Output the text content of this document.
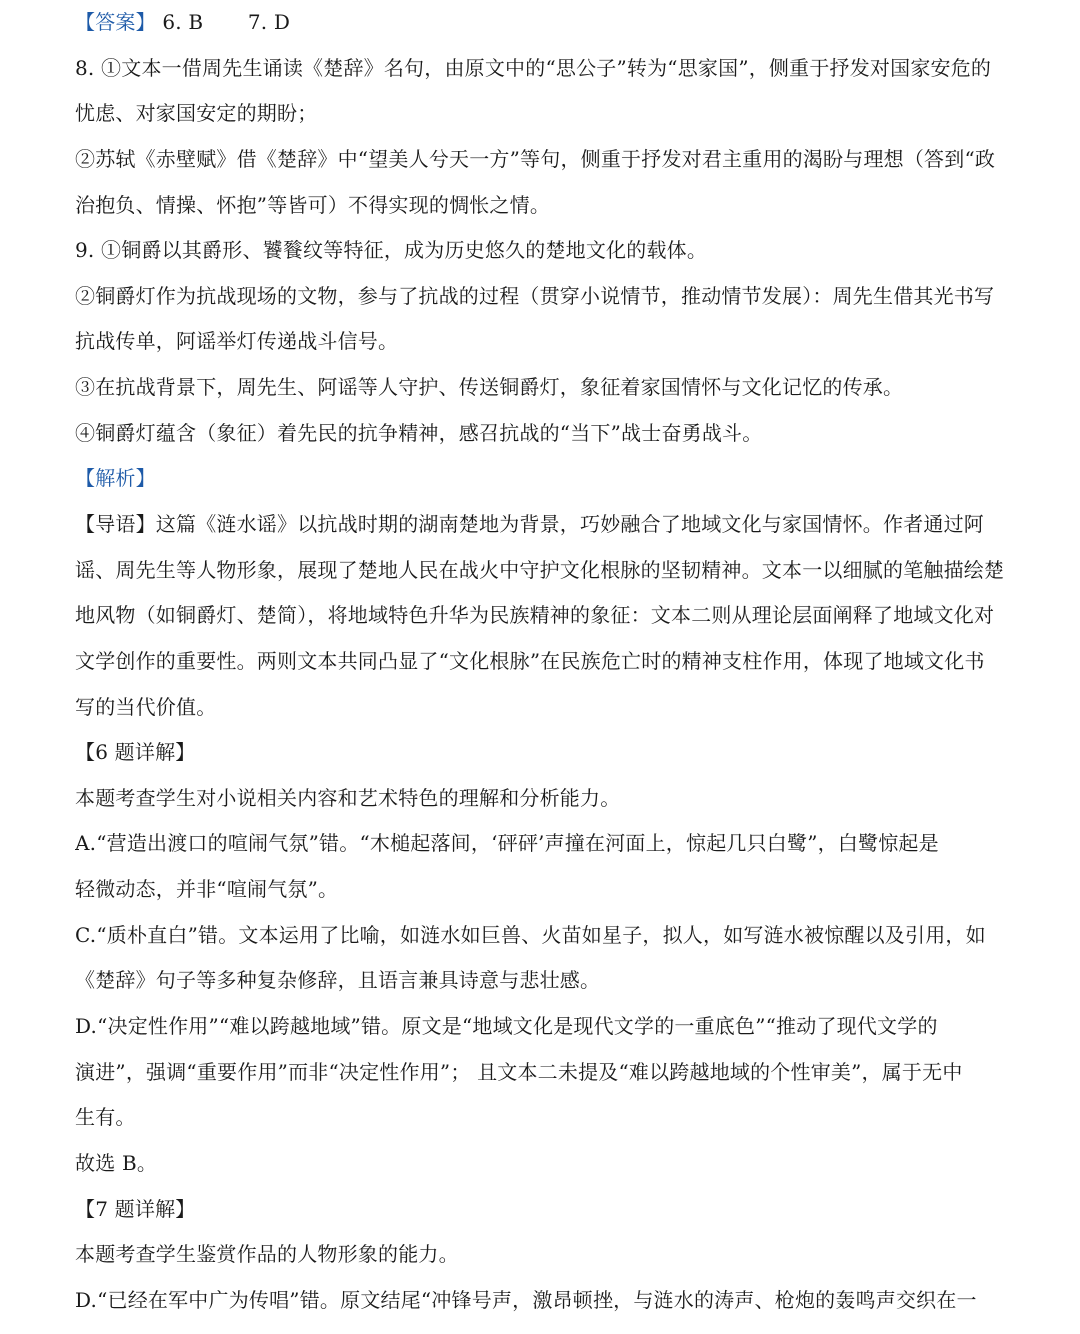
【答案】 6. B 7. D
8. ①文本一借周先生诵读《楚辞》名句，由原文中的“思公子”转为“思家国”，侧重于抒发对国家安危的
忧虑、对家国安定的期盼；
②苏轼《赤壁赋》借《楚辞》中“望美人兮天一方”等句，侧重于抒发对君主重用的渴盼与理想（答到“政
治抱负、情操、怀抱”等皆可）不得实现的惆怅之情。
9. ①铜爵以其爵形、饕餮纹等特征，成为历史悠久的楚地文化的载体。
②铜爵灯作为抗战现场的文物，参与了抗战的过程（贯穿小说情节，推动情节发展）：周先生借其光书写
抗战传单，阿谣举灯传递战斗信号。
③在抗战背景下，周先生、阿谣等人守护、传送铜爵灯，象征着家国情怀与文化记忆的传承。
④铜爵灯蕴含（象征）着先民的抗争精神，感召抗战的“当下”战士奋勇战斗。
【解析】
【导语】这篇《涟水谣》以抗战时期的湖南楚地为背景，巧妙融合了地域文化与家国情怀。作者通过阿
谣、周先生等人物形象，展现了楚地人民在战火中守护文化根脉的坚韧精神。文本一以细腻的笔触描绘楚
地风物（如铜爵灯、楚简），将地域特色升华为民族精神的象征：文本二则从理论层面阐释了地域文化对
文学创作的重要性。两则文本共同凸显了“文化根脉”在民族危亡时的精神支柱作用，体现了地域文化书
写的当代价值。
【6 题详解】
本题考查学生对小说相关内容和艺术特色的理解和分析能力。
A.“营造出渡口的喧闹气氛”错。“木槌起落间，‘砰砰’声撞在河面上，惊起几只白鹭”，白鹭惊起是
轻微动态，并非“喧闹气氛”。
C.“质朴直白”错。文本运用了比喻，如涟水如巨兽、火苗如星子，拟人，如写涟水被惊醒以及引用，如
《楚辞》句子等多种复杂修辞，且语言兼具诗意与悲壮感。
D.“决定性作用”“难以跨越地域”错。原文是“地域文化是现代文学的一重底色”“推动了现代文学的
演进”，强调“重要作用”而非“决定性作用”； 且文本二未提及“难以跨越地域的个性审美”，属于无中
生有。
故选 B。
【7 题详解】
本题考查学生鉴赏作品的人物形象的能力。
D.“已经在军中广为传唱”错。原文结尾“冲锋号声，激昂顿挫，与涟水的涛声、枪炮的轰鸣声交织在一
